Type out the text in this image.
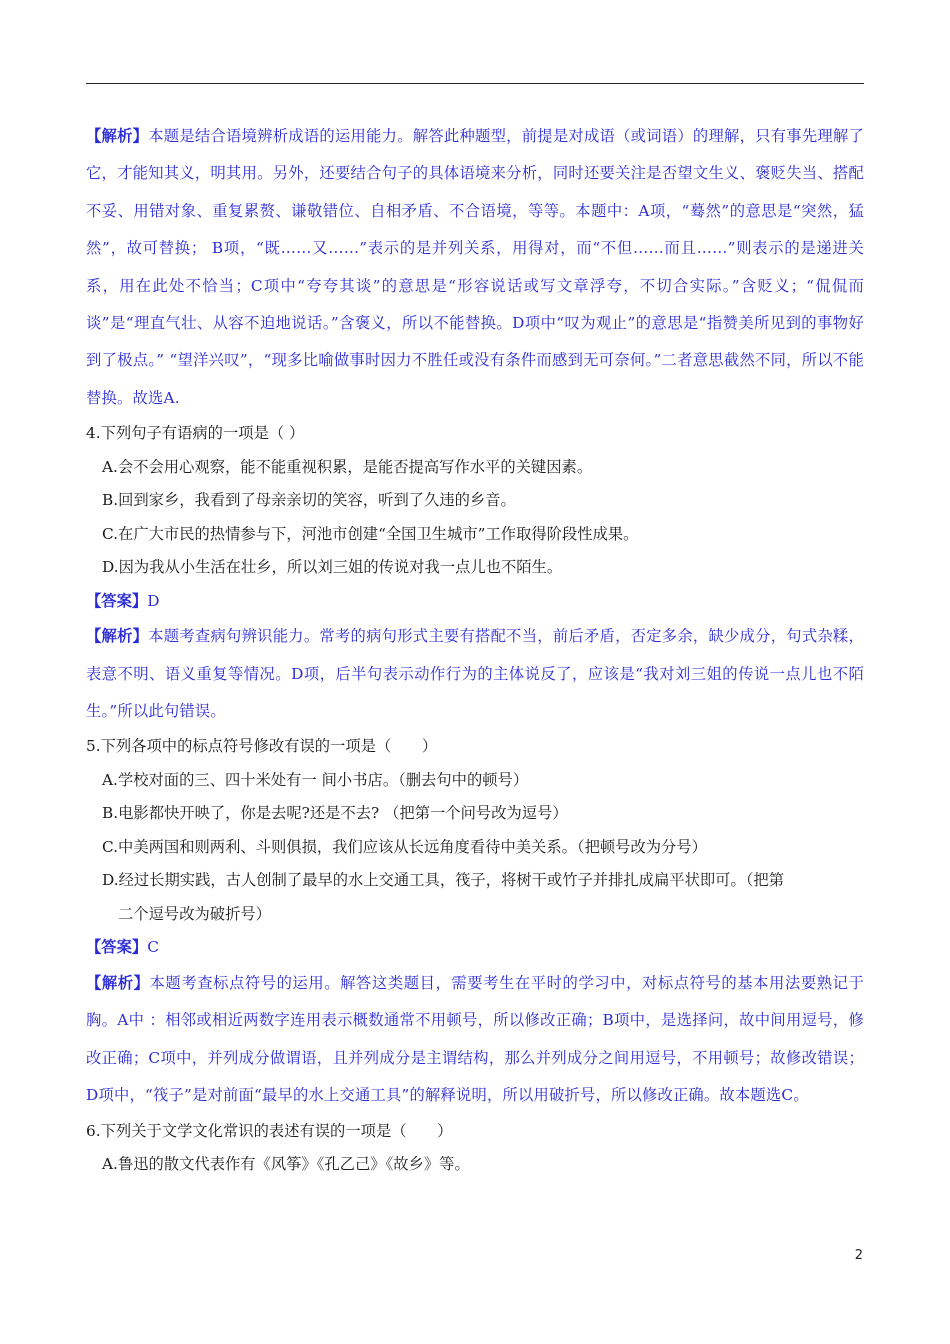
【解析】本题是结合语境辨析成语的运用能力。解答此种题型，前提是对成语（或词语）的理解，只有事先理解了它，才能知其义，明其用。另外，还要结合句子的具体语境来分析，同时还要关注是否望文生义、褒贬失当、搭配不妥、用错对象、重复累赘、谦敬错位、自相矛盾、不合语境，等等。本题中：A项，“蓦然”的意思是“突然，猛然”，故可替换； B项，“既……又……”表示的是并列关系，用得对，而“不但……而且……”则表示的是递进关系，用在此处不恰当；C项中“夸夸其谈”的意思是“形容说话或写文章浮夸，不切合实际。”含贬义；“侃侃而谈”是“理直气壮、从容不迫地说话。”含褒义，所以不能替换。D项中“叹为观止”的意思是“指赞美所见到的事物好到了极点。” “望洋兴叹”，“现多比喻做事时因力不胜任或没有条件而感到无可奈何。”二者意思截然不同，所以不能替换。故选A.

4.下列句子有语病的一项是（ ）

A.会不会用心观察，能不能重视积累，是能否提高写作水平的关键因素。

B.回到家乡，我看到了母亲亲切的笑容，听到了久违的乡音。

C.在广大市民的热情参与下，河池市创建“全国卫生城市”工作取得阶段性成果。

D.因为我从小生活在壮乡，所以刘三姐的传说对我一点儿也不陌生。

【答案】D

【解析】本题考查病句辨识能力。常考的病句形式主要有搭配不当，前后矛盾，否定多余，缺少成分，句式杂糅，表意不明、语义重复等情况。D项，后半句表示动作行为的主体说反了，应该是“我对刘三姐的传说一点儿也不陌生。”所以此句错误。

5.下列各项中的标点符号修改有误的一项是（　　）

A.学校对面的三、四十米处有一 间小书店。（删去句中的顿号）

B.电影都快开映了，你是去呢?还是不去? （把第一个问号改为逗号）

C.中美两国和则两利、斗则俱损，我们应该从长远角度看待中美关系。（把顿号改为分号）

D.经过长期实践，古人创制了最早的水上交通工具，筏子，将树干或竹子并排扎成扁平状即可。（把第

二个逗号改为破折号）

【答案】C

【解析】本题考查标点符号的运用。解答这类题目，需要考生在平时的学习中，对标点符号的基本用法要熟记于胸。A中 ：相邻或相近两数字连用表示概数通常不用顿号，所以修改正确；B项中，是选择问，故中间用逗号，修改正确；C项中，并列成分做谓语，且并列成分是主谓结构，那么并列成分之间用逗号，不用顿号；故修改错误；D项中，“筏子”是对前面“最早的水上交通工具”的解释说明，所以用破折号，所以修改正确。故本题选C。

6.下列关于文学文化常识的表述有误的一项是（　　）

A.鲁迅的散文代表作有《风筝》《孔乙己》《故乡》等。

2
